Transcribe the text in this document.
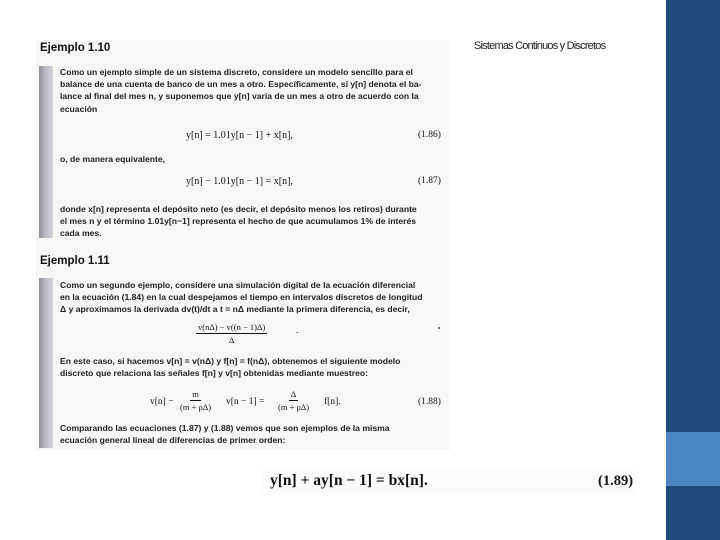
Sistemas Continuos y Discretos
Ejemplo 1.10

Como un ejemplo simple de un sistema discreto, considere un modelo sencillo para el
balance de una cuenta de banco de un mes a otro. Específicamente, si y[n] denota el ba-
lance al final del mes n, y suponemos que y[n] varía de un mes a otro de acuerdo con la
ecuación

y[n] = 1.01y[n − 1] + x[n],	(1.86)

o, de manera equivalente,

y[n] − 1.01y[n − 1] = x[n],	(1.87)

donde x[n] representa el depósito neto (es decir, el depósito menos los retiros) durante
el mes n y el término 1.01y[n−1] representa el hecho de que acumulamos 1% de interés
cada mes.

Ejemplo 1.11

Como un segundo ejemplo, considere una simulación digital de la ecuación diferencial
en la ecuación (1.84) en la cual despejamos el tiempo en intervalos discretos de longitud
Δ y aproximamos la derivada dv(t)/dt a t = nΔ mediante la primera diferencia, es decir,

$\frac{v(n\Delta) - v((n - 1)\Delta)}{\Delta}$	.

En este caso, si hacemos v[n] = v(nΔ) y f[n] = f(nΔ), obtenemos el siguiente modelo
discreto que relaciona las señales f[n] y v[n] obtenidas mediante muestreo:

$v[n] - \frac{m}{(m + \rho\Delta)} v[n - 1] = \frac{\Delta}{(m + \rho\Delta)} f[n]$.	(1.88)

Comparando las ecuaciones (1.87) y (1.88) vemos que son ejemplos de la misma
ecuación general lineal de diferencias de primer orden:

y[n] + ay[n − 1] = bx[n].	(1.89)
